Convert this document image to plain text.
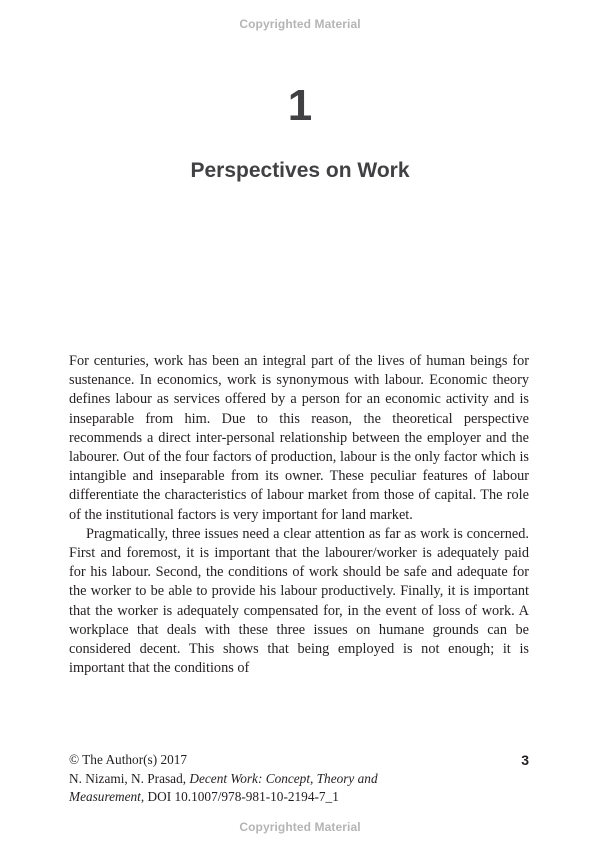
Copyrighted Material
1
Perspectives on Work

For centuries, work has been an integral part of the lives of human beings for sustenance. In economics, work is synonymous with labour. Economic theory defines labour as services offered by a person for an economic activity and is inseparable from him. Due to this reason, the theoretical perspective recommends a direct inter-personal relationship between the employer and the labourer. Out of the four factors of production, labour is the only factor which is intangible and inseparable from its owner. These peculiar features of labour differentiate the characteristics of labour market from those of capital. The role of the institutional factors is very important for land market.

Pragmatically, three issues need a clear attention as far as work is concerned. First and foremost, it is important that the labourer/worker is adequately paid for his labour. Second, the conditions of work should be safe and adequate for the worker to be able to provide his labour productively. Finally, it is important that the worker is adequately compensated for, in the event of loss of work. A workplace that deals with these three issues on humane grounds can be considered decent. This shows that being employed is not enough; it is important that the conditions of

© The Author(s) 2017	3
N. Nizami, N. Prasad, Decent Work: Concept, Theory and
Measurement, DOI 10.1007/978-981-10-2194-7_1
Copyrighted Material
